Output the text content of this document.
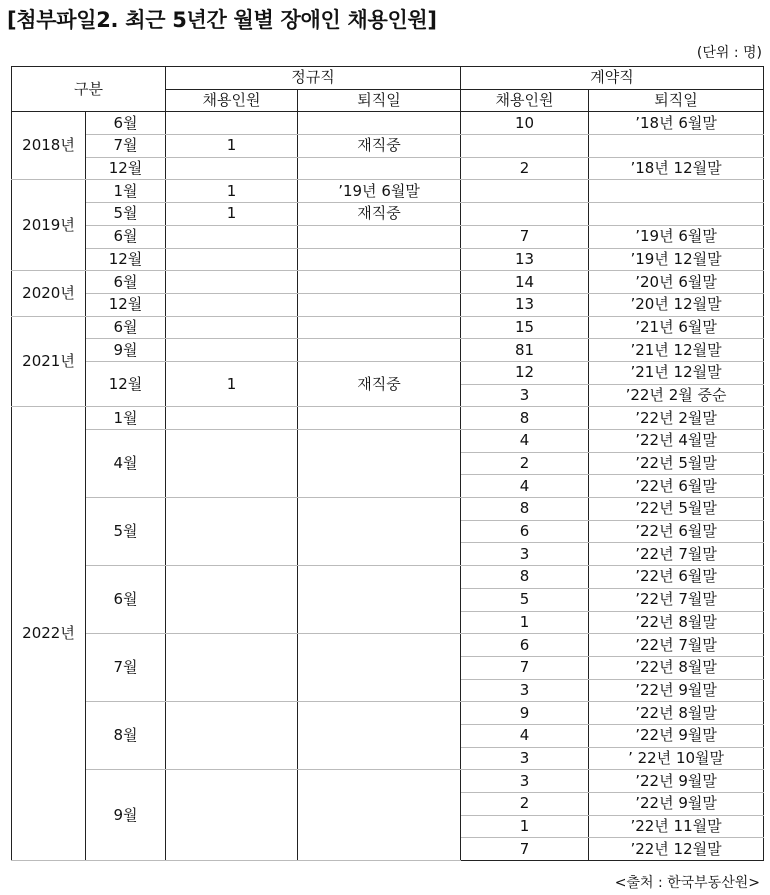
[첨부파일2. 최근 5년간 월별 장애인 채용인원]
(단위 : 명)
구분		정규직		계약직	
		채용인원	퇴직일	채용인원	퇴직일
2018년	6월			10	’18년 6월말
	7월	1	재직중		
	12월			2	’18년 12월말
2019년	1월	1	’19년 6월말		
	5월	1	재직중		
	6월			7	’19년 6월말
	12월			13	’19년 12월말
2020년	6월			14	’20년 6월말
	12월			13	’20년 12월말
2021년	6월			15	’21년 6월말
	9월			81	’21년 12월말
	12월	1	재직중	12	’21년 12월말
				3	’22년 2월 중순
2022년	1월			8	’22년 2월말
	4월			4	’22년 4월말
				2	’22년 5월말
				4	’22년 6월말
	5월			8	’22년 5월말
				6	’22년 6월말
				3	’22년 7월말
	6월			8	’22년 6월말
				5	’22년 7월말
				1	’22년 8월말
	7월			6	’22년 7월말
				7	’22년 8월말
				3	’22년 9월말
	8월			9	’22년 8월말
				4	’22년 9월말
				3	’ 22년 10월말
	9월			3	’22년 9월말
				2	’22년 9월말
				1	’22년 11월말
				7	’22년 12월말
<출처 : 한국부동산원>
